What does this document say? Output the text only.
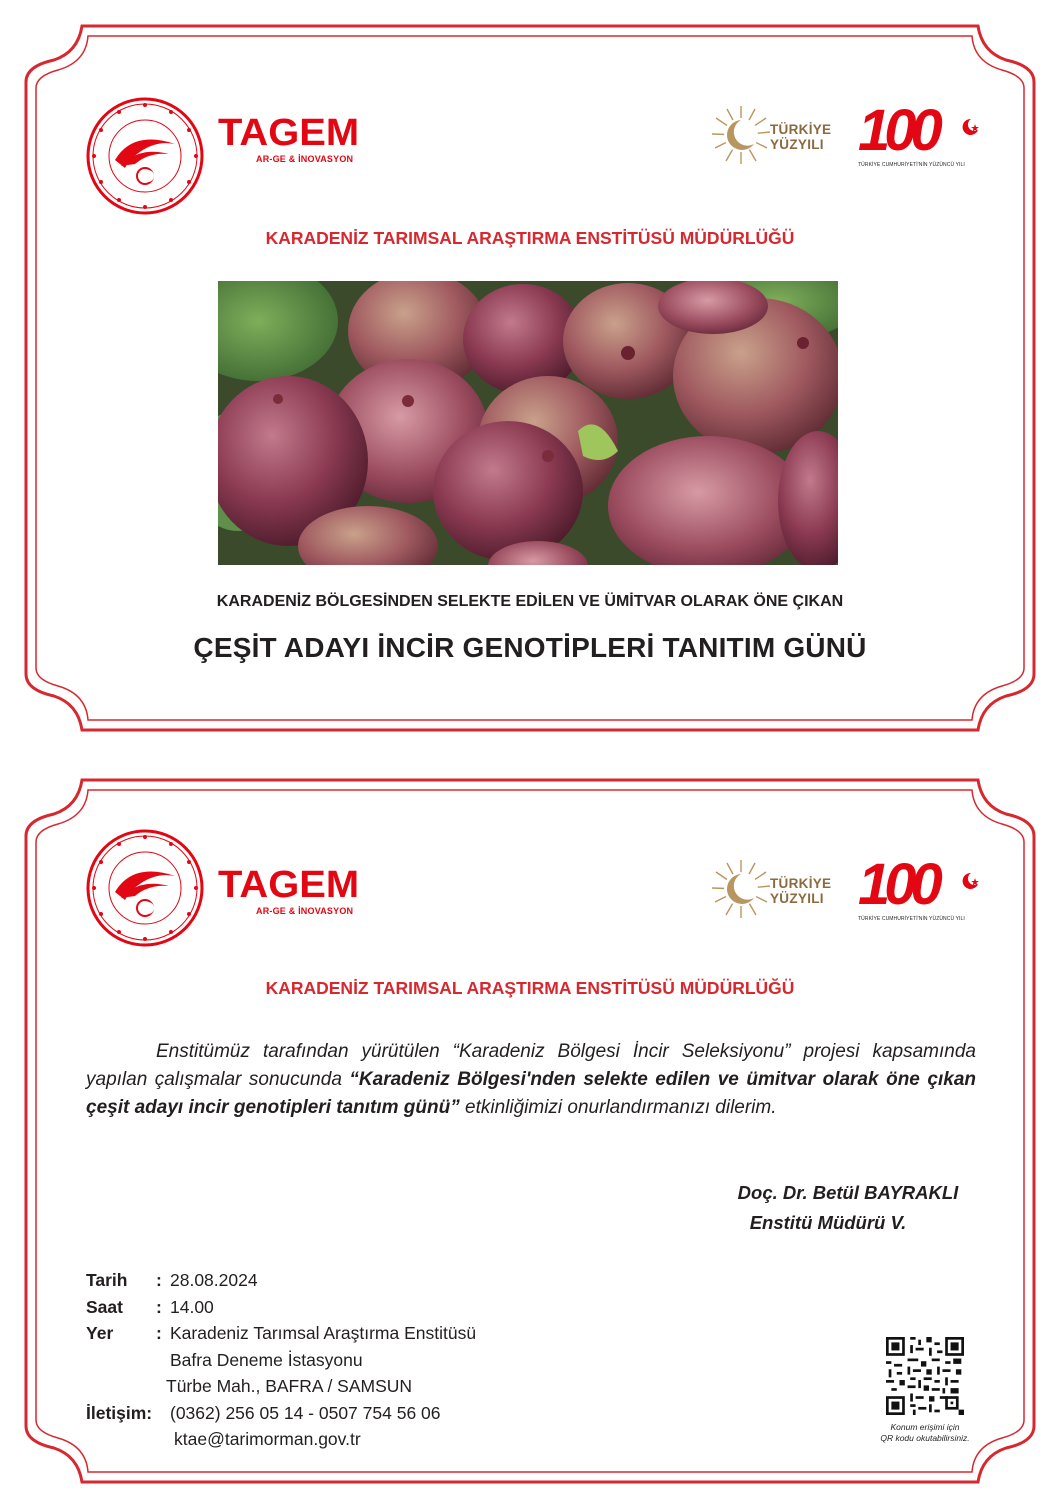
TAGEM
AR-GE & İNOVASYON
TÜRKİYE
YÜZYILI 100
TÜRKİYE CUMHURİYETİ'NİN YÜZÜNCÜ YILI
KARADENİZ TARIMSAL ARAŞTIRMA ENSTİTÜSÜ MÜDÜRLÜĞÜ
KARADENİZ BÖLGESİNDEN SELEKTE EDİLEN VE ÜMİTVAR OLARAK ÖNE ÇIKAN
ÇEŞİT ADAYI İNCİR GENOTİPLERİ TANITIM GÜNÜ
TAGEM
AR-GE & İNOVASYON
TÜRKİYE
YÜZYILI 100
TÜRKİYE CUMHURİYETİ'NİN YÜZÜNCÜ YILI
KARADENİZ TARIMSAL ARAŞTIRMA ENSTİTÜSÜ MÜDÜRLÜĞÜ
Enstitümüz tarafından yürütülen “Karadeniz Bölgesi İncir Seleksiyonu” projesi kapsamında yapılan çalışmalar sonucunda “Karadeniz Bölgesi'nden selekte edilen ve ümitvar olarak öne çıkan çeşit adayı incir genotipleri tanıtım günü” etkinliğimizi onurlandırmanızı dilerim.
Doç. Dr. Betül BAYRAKLI
Enstitü Müdürü V.
Tarih : 28.08.2024
Saat : 14.00
Yer : Karadeniz Tarımsal Araştırma Enstitüsü
Bafra Deneme İstasyonu
Türbe Mah., BAFRA / SAMSUN
İletişim: (0362) 256 05 14 - 0507 754 56 06
ktae@tarimorman.gov.tr
Konum erişimi için
QR kodu okutabilirsiniz.
